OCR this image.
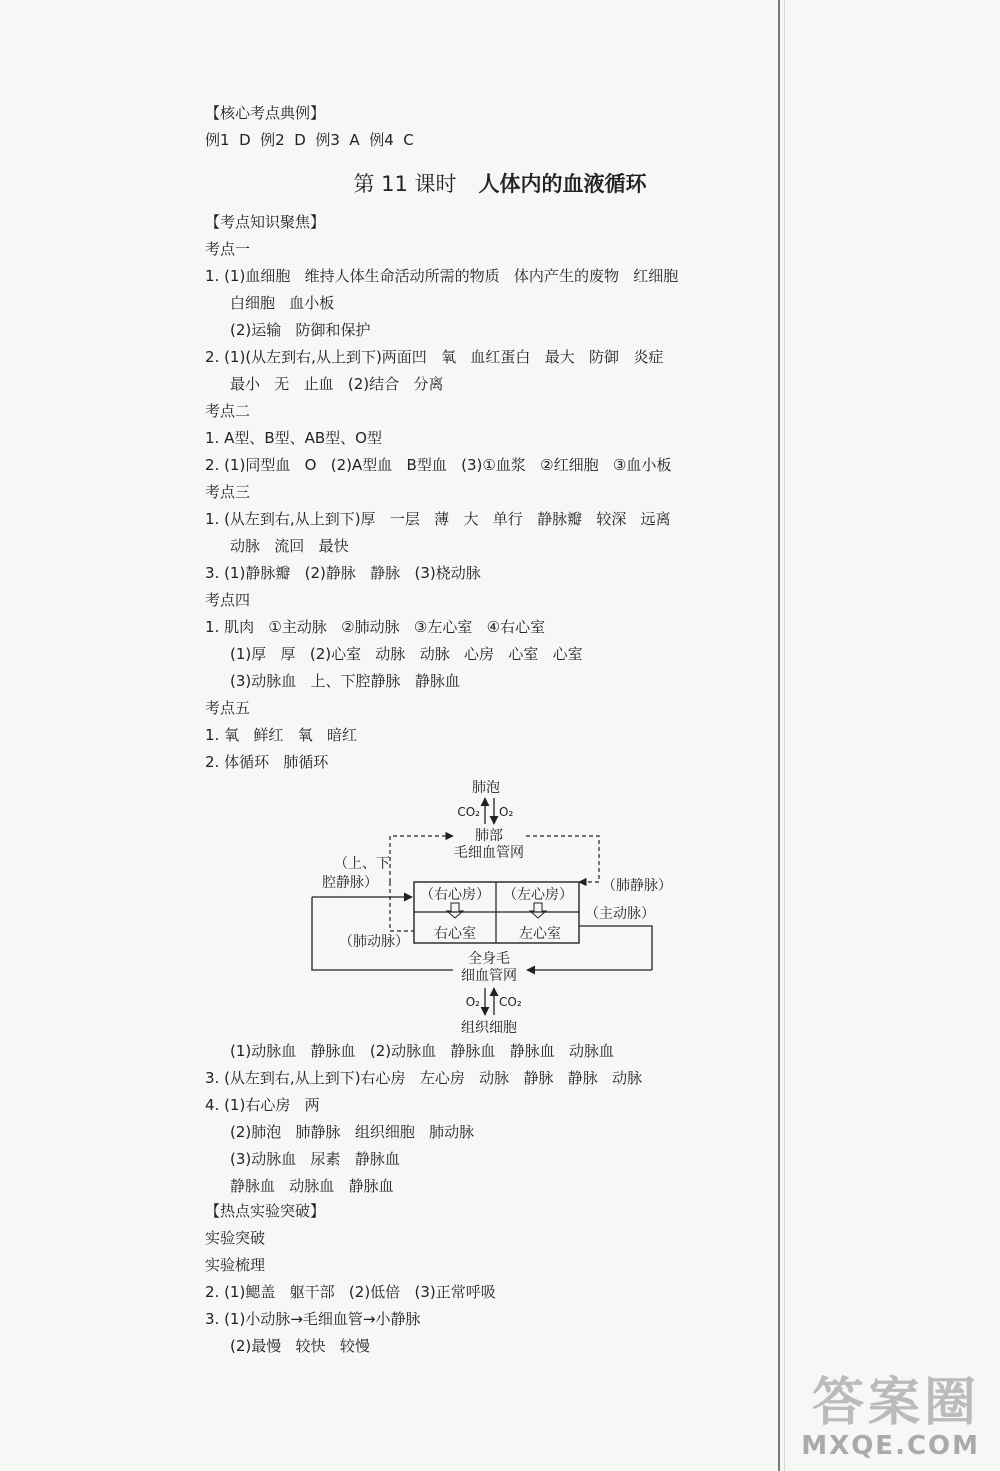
【核心考点典例】
例1  D  例2  D  例3  A  例4  C
【考点知识聚焦】
考点一
1. (1)血细胞   维持人体生命活动所需的物质   体内产生的废物   红细胞
白细胞   血小板
(2)运输   防御和保护
2. (1)(从左到右,从上到下)两面凹   氧   血红蛋白   最大   防御   炎症
最小   无   止血   (2)结合   分离
考点二
1. A型、B型、AB型、O型
2. (1)同型血   O   (2)A型血   B型血   (3)①血浆   ②红细胞   ③血小板
考点三
1. (从左到右,从上到下)厚   一层   薄   大   单行   静脉瓣   较深   远离
动脉   流回   最快
3. (1)静脉瓣   (2)静脉   静脉   (3)桡动脉
考点四
1. 肌肉   ①主动脉   ②肺动脉   ③左心室   ④右心室
(1)厚   厚   (2)心室   动脉   动脉   心房   心室   心室
(3)动脉血   上、下腔静脉   静脉血
考点五
1. 氧   鲜红   氧   暗红
2. 体循环   肺循环
(1)动脉血   静脉血   (2)动脉血   静脉血   静脉血   动脉血
3. (从左到右,从上到下)右心房   左心房   动脉   静脉   静脉   动脉
4. (1)右心房   两
(2)肺泡   肺静脉   组织细胞   肺动脉
(3)动脉血   尿素   静脉血
静脉血   动脉血   静脉血
【热点实验突破】
实验突破
实验梳理
2. (1)鳃盖   躯干部   (2)低倍   (3)正常呼吸
3. (1)小动脉→毛细血管→小静脉
(2)最慢   较快   较慢
第 11 课时 人体内的血液循环
肺泡
CO₂ O₂
肺部
毛细血管网
（右心房） （左心房）
右心室	左心室
（上、下
腔静脉）	（肺静脉）
（主动脉）
（肺动脉）
全身毛
细血管网
O₂ CO₂
组织细胞
答案圈
MXQE.COM
